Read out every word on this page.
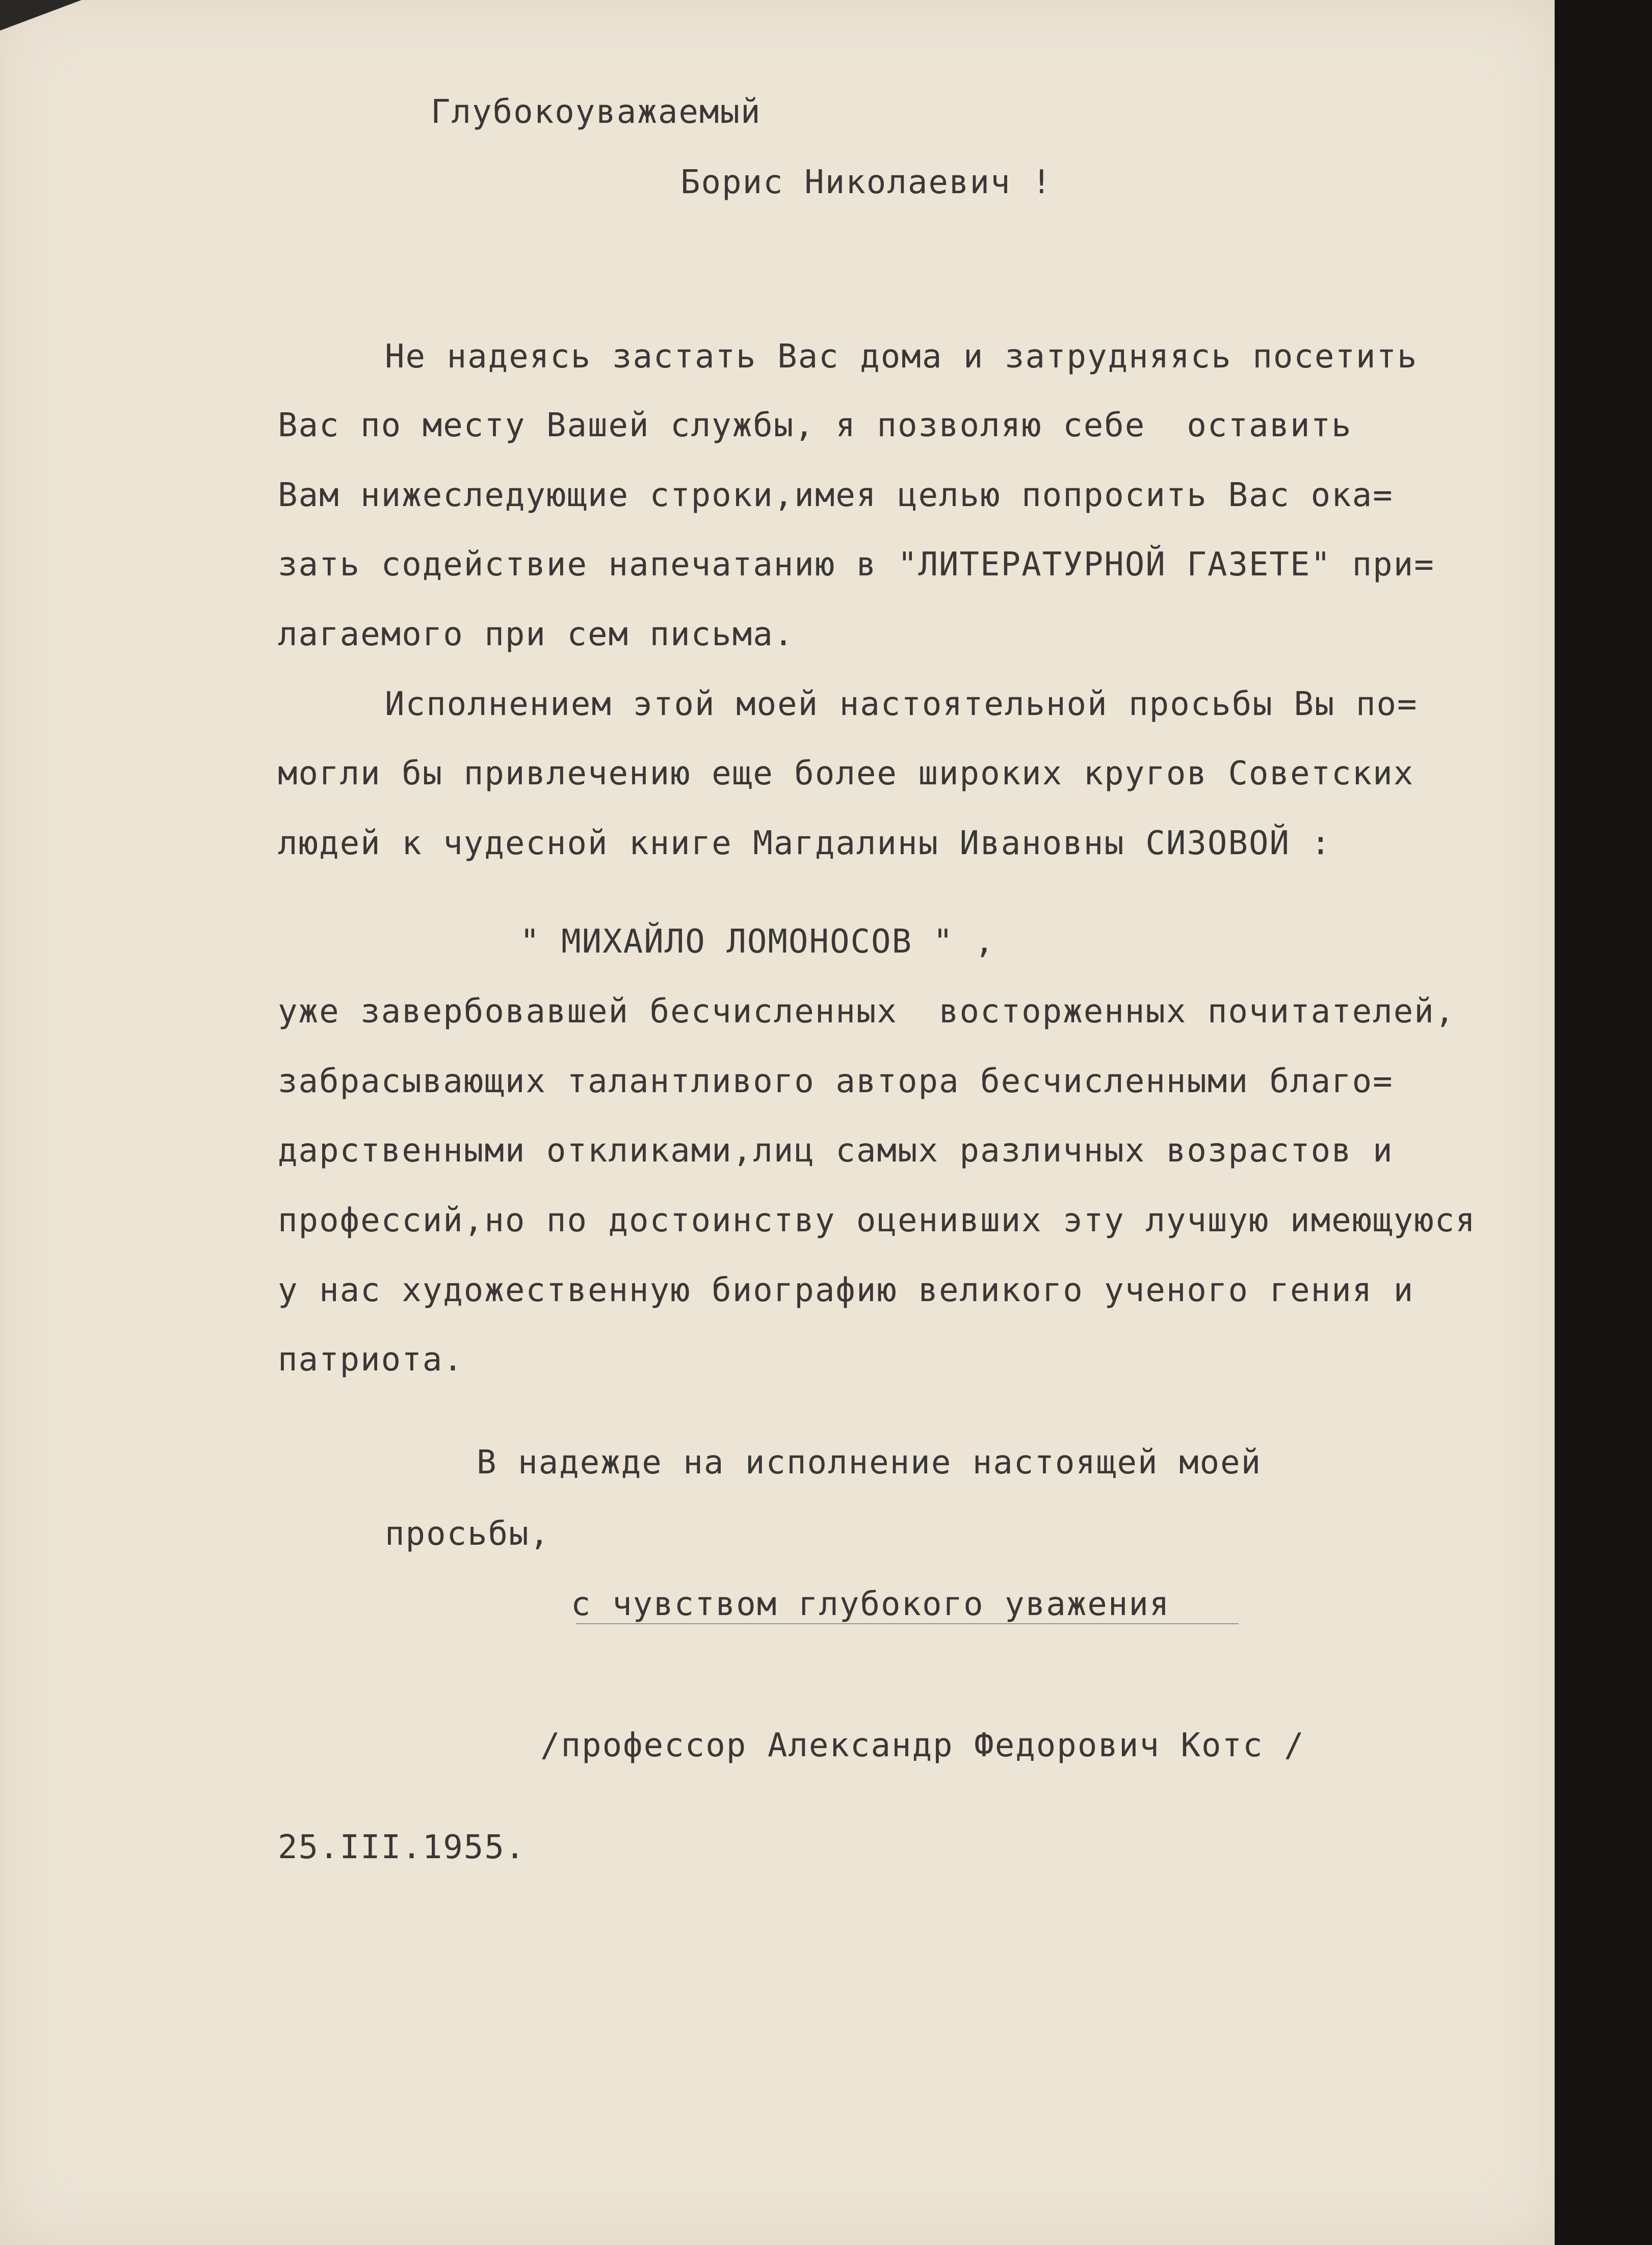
Глубокоуважаемый
Борис Николаевич !
Не надеясь застать Вас дома и затрудняясь посетить
Вас по месту Вашей службы, я позволяю себе  оставить
Вам нижеследующие строки,имея целью попросить Вас ока=
зать содействие напечатанию в "ЛИТЕРАТУРНОЙ ГАЗЕТЕ" при=
лагаемого при сем письма.
Исполнением этой моей настоятельной просьбы Вы по=
могли бы привлечению еще более широких кругов Советских
людей к чудесной книге Магдалины Ивановны СИЗОВОЙ :
" МИХАЙЛО ЛОМОНОСОВ " ,
уже завербовавшей бесчисленных  восторженных почитателей,
забрасывающих талантливого автора бесчисленными благо=
дарственными откликами,лиц самых различных возрастов и
профессий,но по достоинству оценивших эту лучшую имеющуюся
у нас художественную биографию великого ученого гения и
патриота.
В надежде на исполнение настоящей моей
просьбы,
с чувством глубокого уважения
/профессор Александр Федорович Котс /
25.III.1955.
